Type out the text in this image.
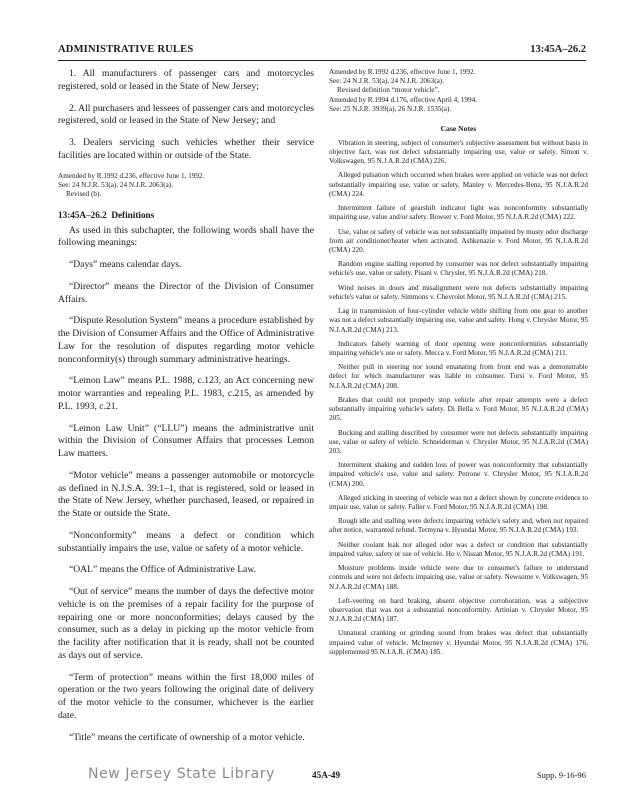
ADMINISTRATIVE RULES	13:45A–26.2

1. All manufacturers of passenger cars and motorcycles registered, sold or leased in the State of New Jersey;

2. All purchasers and lessees of passenger cars and motorcycles registered, sold or leased in the State of New Jersey; and

3. Dealers servicing such vehicles whether their service facilities are located within or outside of the State.

Amended by R.1992 d.236, effective June 1, 1992.
See: 24 N.J.R. 53(a), 24 N.J.R. 2063(a).
Revised (b).
13:45A–26.2 Definitions

As used in this subchapter, the following words shall have the following meanings:

“Days” means calendar days.

“Director” means the Director of the Division of Consumer Affairs.

“Dispute Resolution System” means a procedure established by the Division of Consumer Affairs and the Office of Administrative Law for the resolution of disputes regarding motor vehicle nonconformity(s) through summary administrative hearings.

“Lemon Law” means P.L. 1988, c.123, an Act concerning new motor warranties and repealing P.L. 1983, c.215, as amended by P.L. 1993, c.21.

“Lemon Law Unit” (“LLU”) means the administrative unit within the Division of Consumer Affairs that processes Lemon Law matters.

“Motor vehicle” means a passenger automobile or motorcycle as defined in N.J.S.A. 39:1–1, that is registered, sold or leased in the State of New Jersey, whether purchased, leased, or repaired in the State or outside the State.

“Nonconformity” means a defect or condition which substantially impairs the use, value or safety of a motor vehicle.

“OAL” means the Office of Administrative Law.

“Out of service” means the number of days the defective motor vehicle is on the premises of a repair facility for the purpose of repairing one or more nonconformities; delays caused by the consumer, such as a delay in picking up the motor vehicle from the facility after notification that it is ready, shall not be counted as days out of service.

“Term of protection” means within the first 18,000 miles of operation or the two years following the original date of delivery of the motor vehicle to the consumer, whichever is the earlier date.

“Title” means the certificate of ownership of a motor vehicle.

Amended by R.1992 d.236, effective June 1, 1992.
See: 24 N.J.R. 53(a), 24 N.J.R. 2063(a).
Revised definition “motor vehicle”.
Amended by R.1994 d.176, effective April 4, 1994.
See: 25 N.J.R. 3939(a), 26 N.J.R. 1535(a).
Case Notes

Vibration in steering, subject of consumer's subjective assessment but without basis in objective fact, was not defect substantially impairing use, value or safety. Simon v. Volkswagen, 95 N.J.A.R.2d (CMA) 226.

Alleged pulsation which occurred when brakes were applied on vehicle was not defect substantially impairing use, value or safety. Manley v. Mercedes-Benz, 95 N.J.A.R.2d (CMA) 224.

Intermittent failure of gearshift indicator light was nonconformity substantially impairing use, value and/or safety. Bowser v. Ford Motor, 95 N.J.A.R.2d (CMA) 222.

Use, value or safety of vehicle was not substantially impaired by musty odor discharge from air conditioner/heater when activated. Ashkenazie v. Ford Motor, 95 N.J.A.R.2d (CMA) 220.

Random engine stalling reported by consumer was not defect substantially impairing vehicle's use, value or safety. Pisani v. Chrysler, 95 N.J.A.R.2d (CMA) 218.

Wind noises in doors and misalignment were not defects substantially impairing vehicle's value or safety. Simmons v. Chevrolet Motor, 95 N.J.A.R.2d (CMA) 215.

Lag in transmission of four-cylinder vehicle while shifting from one gear to another was not a defect substantially impairing use, value and safety. Hong v. Chrysler Motor, 95 N.J.A.R.2d (CMA) 213.

Indicators falsely warning of door opening were nonconformities substantially impairing vehicle's use or safety. Mecca v. Ford Motor, 95 N.J.A.R.2d (CMA) 211.

Neither pull in steering nor sound emanating from front end was a demonstrable defect for which manufacturer was liable to consumer. Tursi v. Ford Motor, 95 N.J.A.R.2d (CMA) 208.

Brakes that could not properly stop vehicle after repair attempts were a defect substantially impairing vehicle's safety. Di Bella v. Ford Motor, 95 N.J.A.R.2d (CMA) 205.

Bucking and stalling described by consumer were not defects substantially impairing use, value or safety of vehicle. Schneiderman v. Chrysler Motor, 95 N.J.A.R.2d (CMA) 203.

Intermittent shaking and sudden loss of power was nonconformity that substantially impaired vehicle's use, value and safety. Petrone v. Chrysler Motor, 95 N.J.A.R.2d (CMA) 200.

Alleged sticking in steering of vehicle was not a defect shown by concrete evidence to impair use, value or safety. Faller v. Ford Motor, 95 N.J.A.R.2d (CMA) 198.

Rough idle and stalling were defects impairing vehicle's safety and, when not repaired after notice, warranted refund. Termyna v. Hyundai Motor, 95 N.J.A.R.2d (CMA) 193.

Neither coolant leak nor alleged odor was a defect or condition that substantially impaired value, safety or use of vehicle. Ho v. Nissan Motor, 95 N.J.A.R.2d (CMA) 191.

Moisture problems inside vehicle were due to consumer's failure to understand controls and were not defects impairing use, value or safety. Newsome v. Volkswagen, 95 N.J.A.R.2d (CMA) 188.

Left-veering on hard braking, absent objective corroboration, was a subjective observation that was not a substantial nonconformity. Artinian v. Chrysler Motor, 95 N.J.A.R.2d (CMA) 187.

Unnatural cranking or grinding sound from brakes was defect that substantially impaired value of vehicle. McInerney v. Hyundai Motor, 95 N.J.A.R.2d (CMA) 176, supplemented 95 N.J.A.R. (CMA) 185.

New Jersey State Library	45A-49	Supp. 9-16-96
